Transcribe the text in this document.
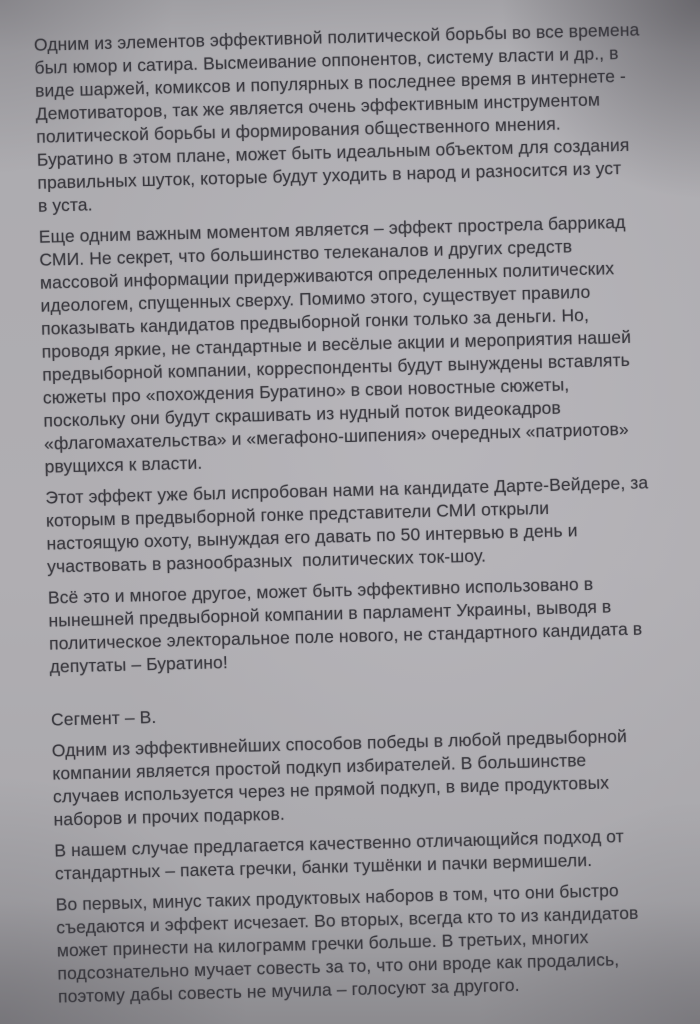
Одним из элементов эффективной политической борьбы во все времена
был юмор и сатира. Высмеивание оппонентов, систему власти и др., в
виде шаржей, комиксов и популярных в последнее время в интернете -
Демотиваторов, так же является очень эффективным инструментом
политической борьбы и формирования общественного мнения.
Буратино в этом плане, может быть идеальным объектом для создания
правильных шуток, которые будут уходить в народ и разносится из уст
в уста.

Еще одним важным моментом является – эффект прострела баррикад
СМИ. Не секрет, что большинство телеканалов и других средств
массовой информации придерживаются определенных политических
идеологем, спущенных сверху. Помимо этого, существует правило
показывать кандидатов предвыборной гонки только за деньги. Но,
проводя яркие, не стандартные и весёлые акции и мероприятия нашей
предвыборной компании, корреспонденты будут вынуждены вставлять
сюжеты про «похождения Буратино» в свои новостные сюжеты,
поскольку они будут скрашивать из нудный поток видеокадров
«флагомахательства» и «мегафоно-шипения» очередных «патриотов»
рвущихся к власти.

Этот эффект уже был испробован нами на кандидате Дарте-Вейдере, за
которым в предвыборной гонке представители СМИ открыли
настоящую охоту, вынуждая его давать по 50 интервью в день и
участвовать в разнообразных  политических ток-шоу.

Всё это и многое другое, может быть эффективно использовано в
нынешней предвыборной компании в парламент Украины, выводя в
политическое электоральное поле нового, не стандартного кандидата в
депутаты – Буратино!

Сегмент – В.

Одним из эффективнейших способов победы в любой предвыборной
компании является простой подкуп избирателей. В большинстве
случаев используется через не прямой подкуп, в виде продуктовых
наборов и прочих подарков.

В нашем случае предлагается качественно отличающийся подход от
стандартных – пакета гречки, банки тушёнки и пачки вермишели.

Во первых, минус таких продуктовых наборов в том, что они быстро
съедаются и эффект исчезает. Во вторых, всегда кто то из кандидатов
может принести на килограмм гречки больше. В третьих, многих
подсознательно мучает совесть за то, что они вроде как продались,
поэтому дабы совесть не мучила – голосуют за другого.
